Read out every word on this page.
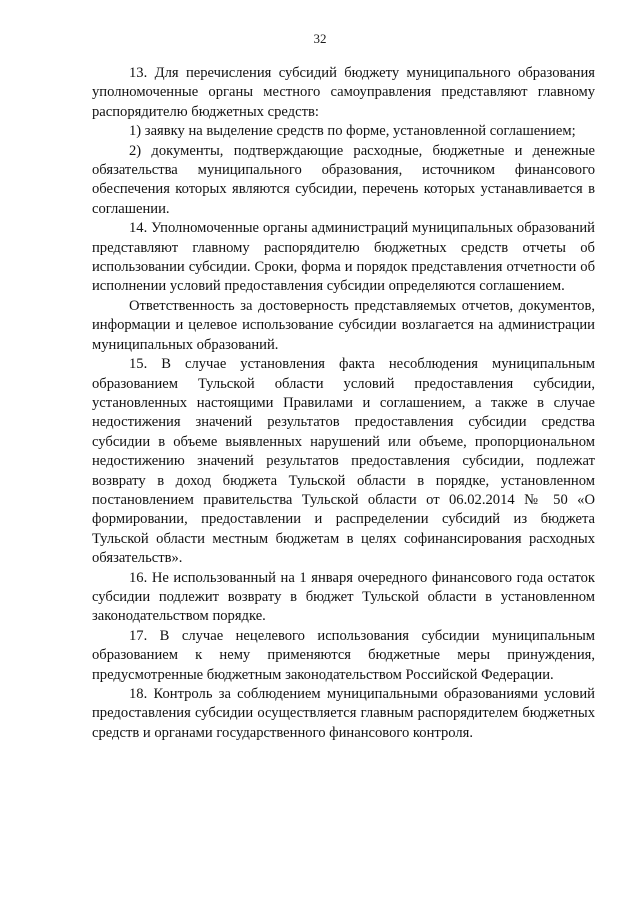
32

13. Для перечисления субсидий бюджету муниципального образования уполномоченные органы местного самоуправления представляют главному распорядителю бюджетных средств:

1) заявку на выделение средств по форме, установленной соглашением;

2) документы, подтверждающие расходные, бюджетные и денежные обязательства муниципального образования, источником финансового обеспечения которых являются субсидии, перечень которых устанавливается в соглашении.

14. Уполномоченные органы администраций муниципальных образований представляют главному распорядителю бюджетных средств отчеты об использовании субсидии. Сроки, форма и порядок представления отчетности об исполнении условий предоставления субсидии определяются соглашением.

Ответственность за достоверность представляемых отчетов, документов, информации и целевое использование субсидии возлагается на администрации муниципальных образований.

15. В случае установления факта несоблюдения муниципальным образованием Тульской области условий предоставления субсидии, установленных настоящими Правилами и соглашением, а также в случае недостижения значений результатов предоставления субсидии средства субсидии в объеме выявленных нарушений или объеме, пропорциональном недостижению значений результатов предоставления субсидии, подлежат возврату в доход бюджета Тульской области в порядке, установленном постановлением правительства Тульской области от 06.02.2014 № 50 «О формировании, предоставлении и распределении субсидий из бюджета Тульской области местным бюджетам в целях софинансирования расходных обязательств».

16. Не использованный на 1 января очередного финансового года остаток субсидии подлежит возврату в бюджет Тульской области в установленном законодательством порядке.

17. В случае нецелевого использования субсидии муниципальным образованием к нему применяются бюджетные меры принуждения, предусмотренные бюджетным законодательством Российской Федерации.

18. Контроль за соблюдением муниципальными образованиями условий предоставления субсидии осуществляется главным распорядителем бюджетных средств и органами государственного финансового контроля.
